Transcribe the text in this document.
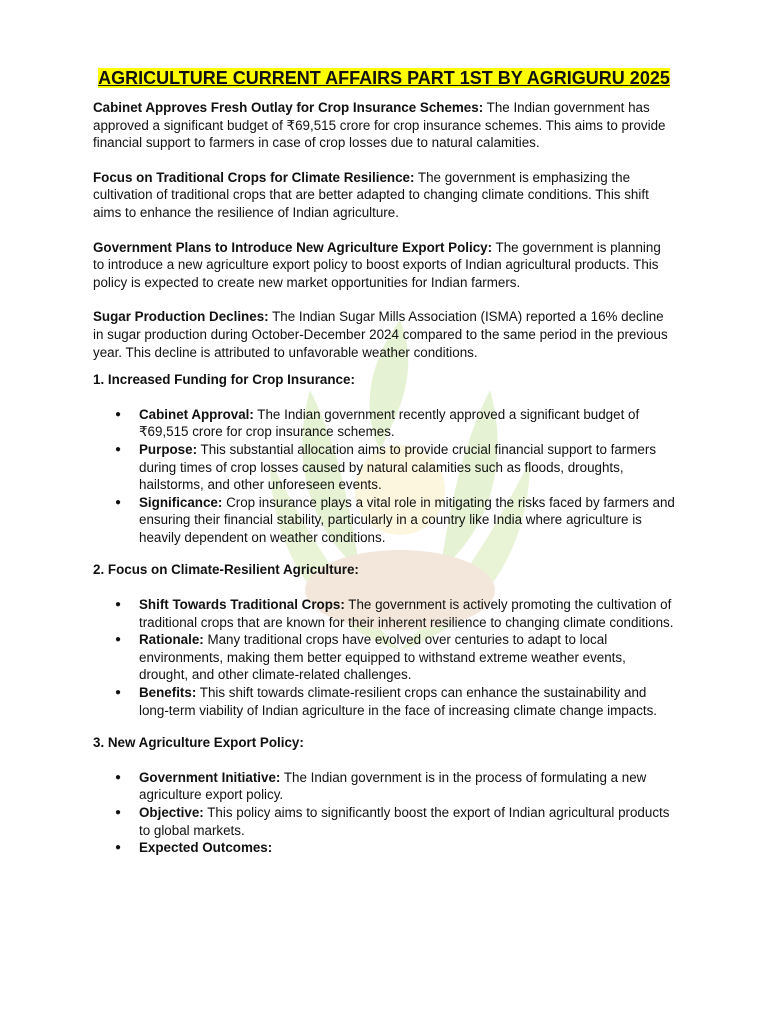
AGRICULTURE CURRENT AFFAIRS PART 1ST BY AGRIGURU 2025

Cabinet Approves Fresh Outlay for Crop Insurance Schemes: The Indian government has approved a significant budget of ₹69,515 crore for crop insurance schemes. This aims to provide financial support to farmers in case of crop losses due to natural calamities.

Focus on Traditional Crops for Climate Resilience: The government is emphasizing the cultivation of traditional crops that are better adapted to changing climate conditions. This shift aims to enhance the resilience of Indian agriculture.

Government Plans to Introduce New Agriculture Export Policy: The government is planning to introduce a new agriculture export policy to boost exports of Indian agricultural products. This policy is expected to create new market opportunities for Indian farmers.

Sugar Production Declines: The Indian Sugar Mills Association (ISMA) reported a 16% decline in sugar production during October-December 2024 compared to the same period in the previous year. This decline is attributed to unfavorable weather conditions.

1. Increased Funding for Crop Insurance:
● Cabinet Approval: The Indian government recently approved a significant budget of ₹69,515 crore for crop insurance schemes.
● Purpose: This substantial allocation aims to provide crucial financial support to farmers during times of crop losses caused by natural calamities such as floods, droughts, hailstorms, and other unforeseen events.
● Significance: Crop insurance plays a vital role in mitigating the risks faced by farmers and ensuring their financial stability, particularly in a country like India where agriculture is heavily dependent on weather conditions.
2. Focus on Climate-Resilient Agriculture:
● Shift Towards Traditional Crops: The government is actively promoting the cultivation of traditional crops that are known for their inherent resilience to changing climate conditions.
● Rationale: Many traditional crops have evolved over centuries to adapt to local environments, making them better equipped to withstand extreme weather events, drought, and other climate-related challenges.
● Benefits: This shift towards climate-resilient crops can enhance the sustainability and long-term viability of Indian agriculture in the face of increasing climate change impacts.
3. New Agriculture Export Policy:
● Government Initiative: The Indian government is in the process of formulating a new agriculture export policy.
● Objective: This policy aims to significantly boost the export of Indian agricultural products to global markets.
● Expected Outcomes:
